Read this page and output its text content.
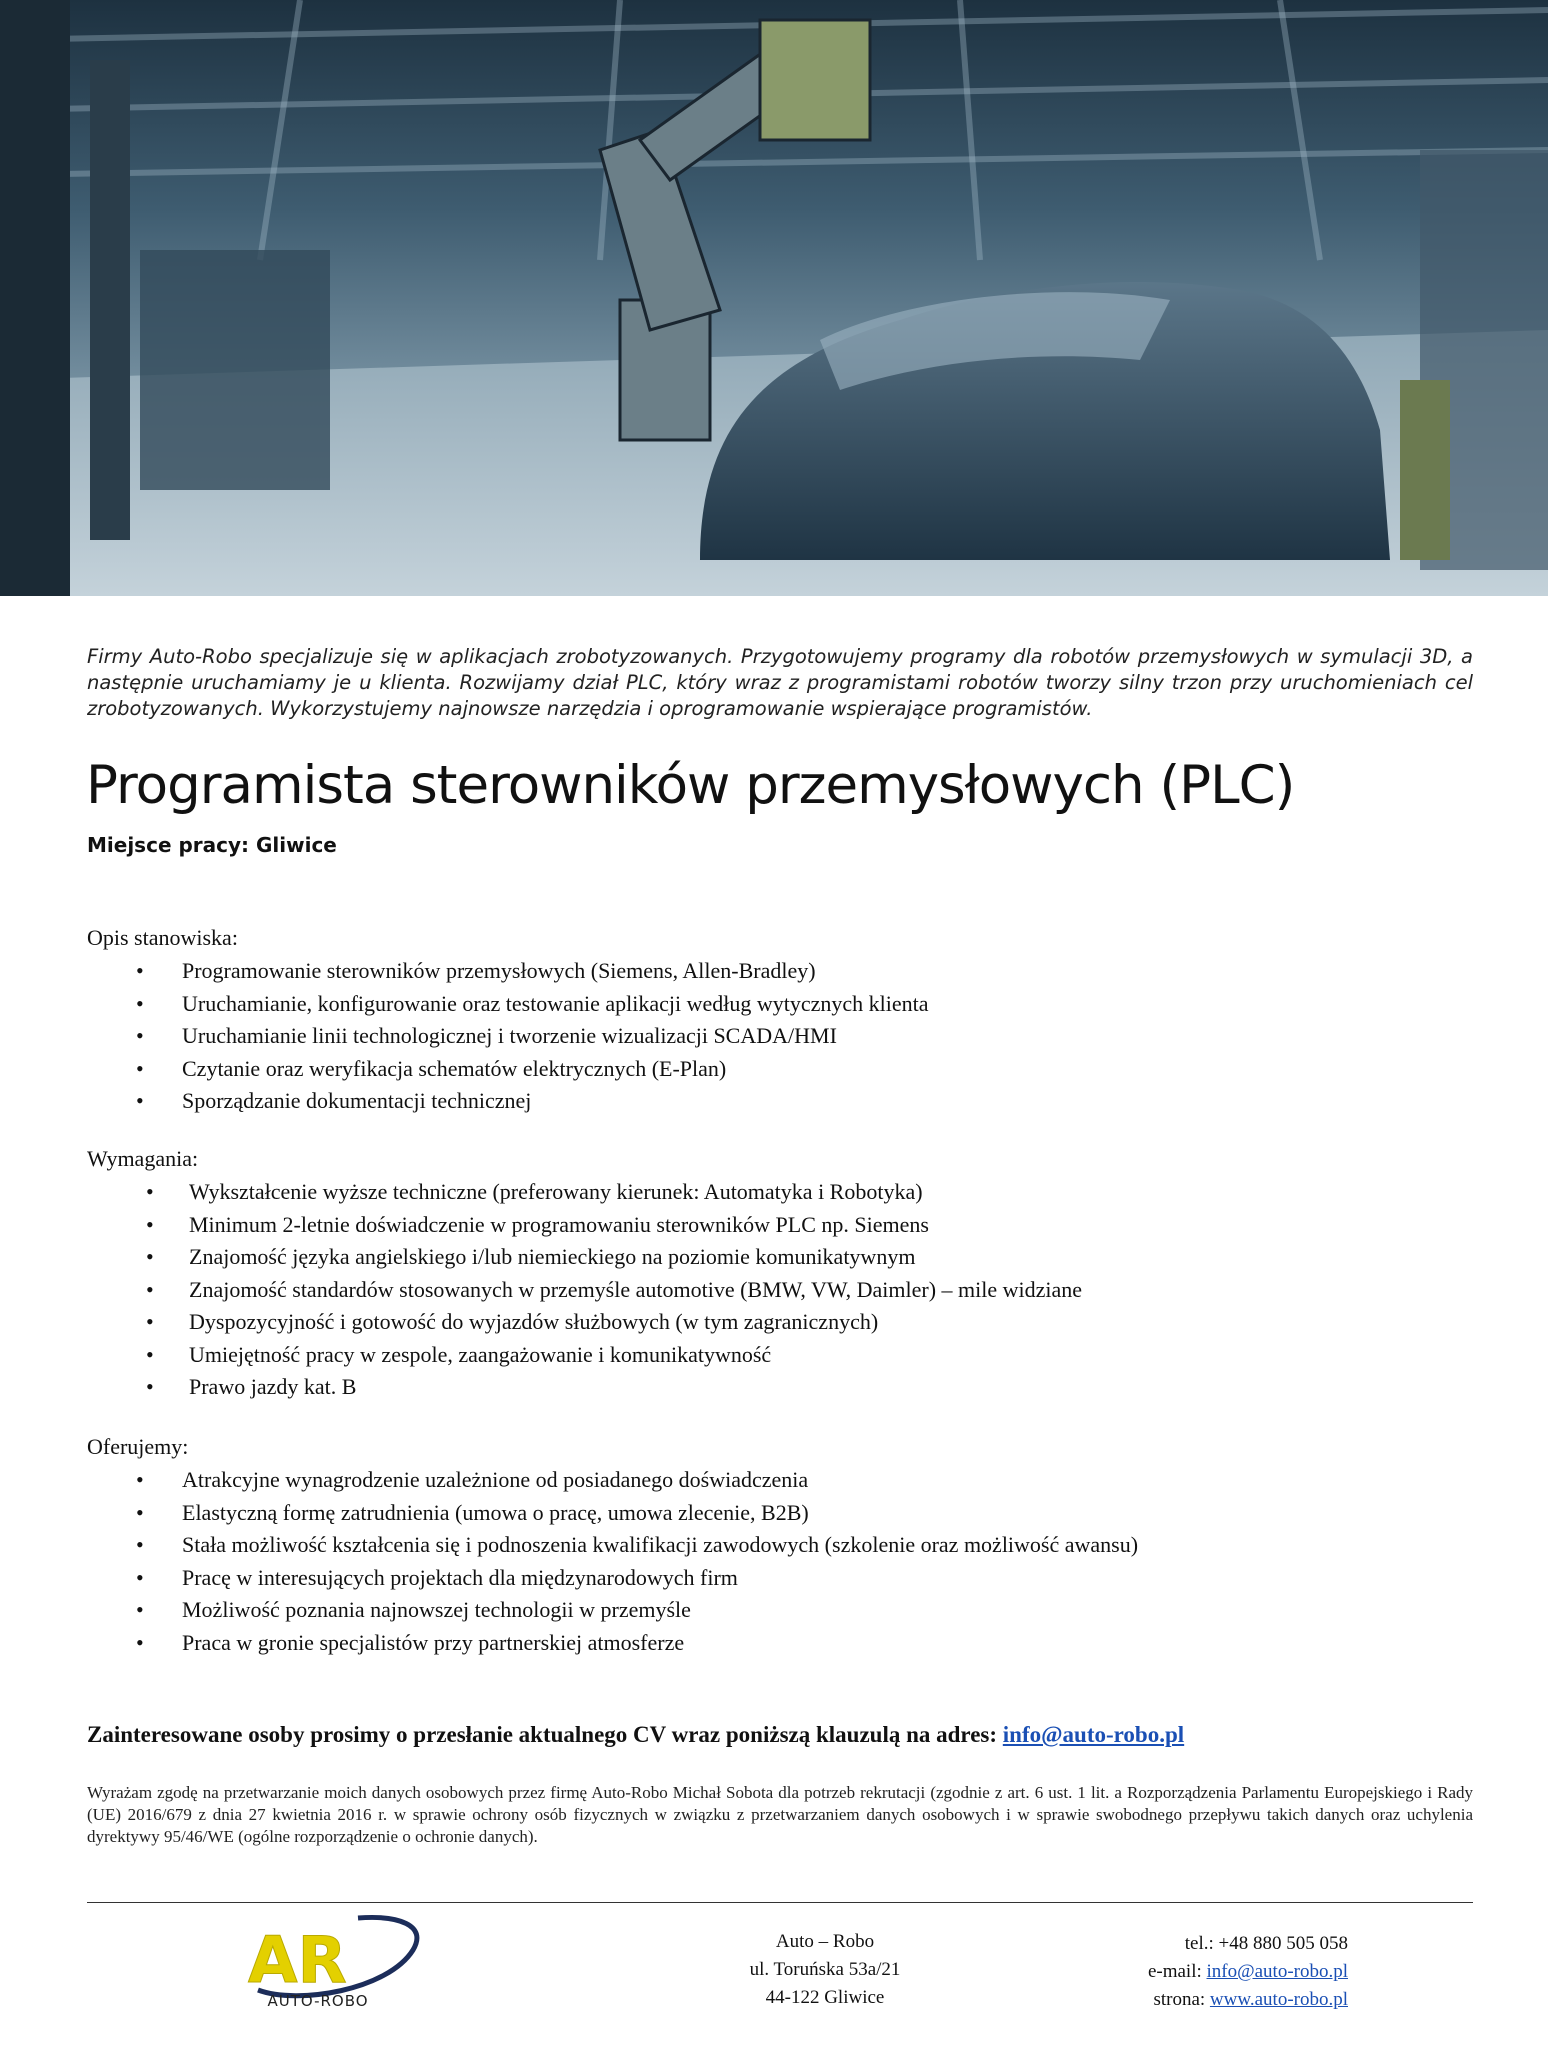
Firmy Auto-Robo specjalizuje się w aplikacjach zrobotyzowanych. Przygotowujemy programy dla robotów przemysłowych w symulacji 3D, a następnie uruchamiamy je u klienta. Rozwijamy dział PLC, który wraz z programistami robotów tworzy silny trzon przy uruchomieniach cel zrobotyzowanych. Wykorzystujemy najnowsze narzędzia i oprogramowanie wspierające programistów.

Programista sterowników przemysłowych (PLC)
Miejsce pracy: Gliwice
Opis stanowiska:
• Programowanie sterowników przemysłowych (Siemens, Allen-Bradley)
• Uruchamianie, konfigurowanie oraz testowanie aplikacji według wytycznych klienta
• Uruchamianie linii technologicznej i tworzenie wizualizacji SCADA/HMI
• Czytanie oraz weryfikacja schematów elektrycznych (E-Plan)
• Sporządzanie dokumentacji technicznej
Wymagania:
• Wykształcenie wyższe techniczne (preferowany kierunek: Automatyka i Robotyka)
• Minimum 2-letnie doświadczenie w programowaniu sterowników PLC np. Siemens
• Znajomość języka angielskiego i/lub niemieckiego na poziomie komunikatywnym
• Znajomość standardów stosowanych w przemyśle automotive (BMW, VW, Daimler) – mile widziane
• Dyspozycyjność i gotowość do wyjazdów służbowych (w tym zagranicznych)
• Umiejętność pracy w zespole, zaangażowanie i komunikatywność
• Prawo jazdy kat. B
Oferujemy:
• Atrakcyjne wynagrodzenie uzależnione od posiadanego doświadczenia
• Elastyczną formę zatrudnienia (umowa o pracę, umowa zlecenie, B2B)
• Stała możliwość kształcenia się i podnoszenia kwalifikacji zawodowych (szkolenie oraz możliwość awansu)
• Pracę w interesujących projektach dla międzynarodowych firm
• Możliwość poznania najnowszej technologii w przemyśle
• Praca w gronie specjalistów przy partnerskiej atmosferze
Zainteresowane osoby prosimy o przesłanie aktualnego CV wraz poniższą klauzulą na adres: info@auto-robo.pl

Wyrażam zgodę na przetwarzanie moich danych osobowych przez firmę Auto-Robo Michał Sobota dla potrzeb rekrutacji (zgodnie z art. 6 ust. 1 lit. a Rozporządzenia Parlamentu Europejskiego i Rady (UE) 2016/679 z dnia 27 kwietnia 2016 r. w sprawie ochrony osób fizycznych w związku z przetwarzaniem danych osobowych i w sprawie swobodnego przepływu takich danych oraz uchylenia dyrektywy 95/46/WE (ogólne rozporządzenie o ochronie danych).

AR
AUTO-ROBO
Auto – Robo
ul. Toruńska 53a/21
44-122 Gliwice
tel.: +48 880 505 058
e-mail: info@auto-robo.pl
strona: www.auto-robo.pl
